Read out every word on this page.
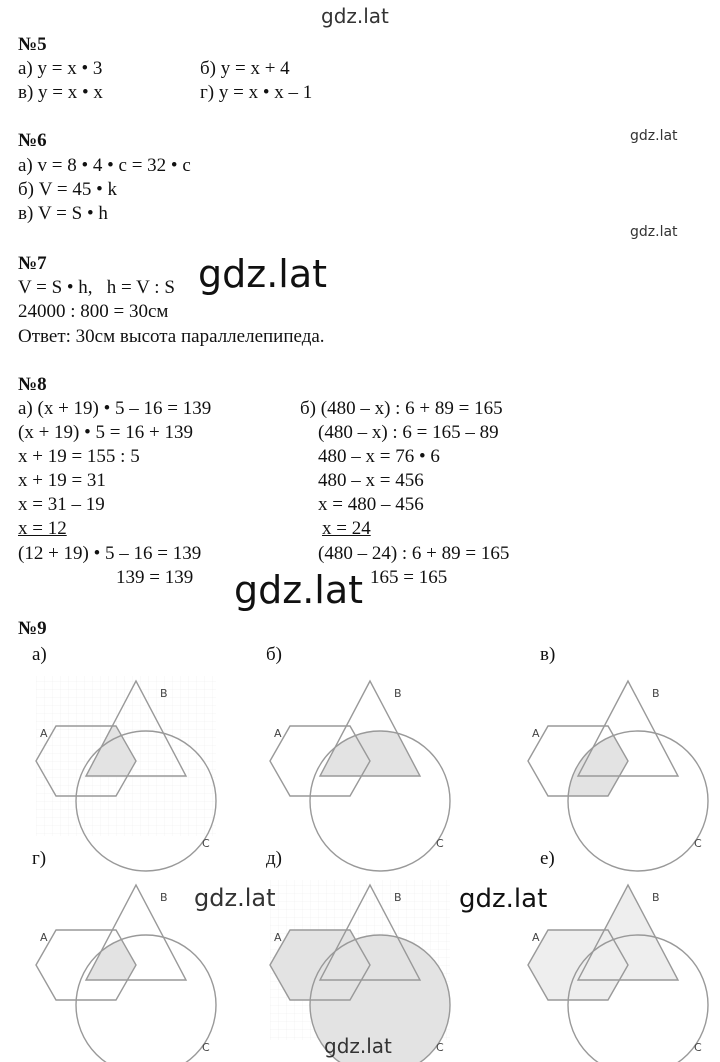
gdz.lat
gdz.lat
gdz.lat
№5
а) y = x • 3	б) y = x + 4
в) y = x • x	г) y = x • x – 1
№6
а) v = 8 • 4 • c = 32 • c
б) V = 45 • k
в) V = S • h
№7
V = S • h,   h = V : S
24000 : 800 = 30см
Ответ: 30см высота параллелепипеда.
gdz.lat
№8
а) (x + 19) • 5 – 16 = 139
(x + 19) • 5 = 16 + 139
x + 19 = 155 : 5
x + 19 = 31
x = 31 – 19
x = 12
(12 + 19) • 5 – 16 = 139
139 = 139
б) (480 – x) : 6 + 89 = 165
(480 – x) : 6 = 165 – 89
480 – x = 76 • 6
480 – x = 456
x = 480 – 456
x = 24
(480 – 24) : 6 + 89 = 165
165 = 165
gdz.lat
№9
а)	б)	в)
г)	д)	е)
A
B
C
A
B
C
A
B
C
A
B
C
A
B
C
A
B
C
gdz.lat	gdz.lat
gdz.lat
